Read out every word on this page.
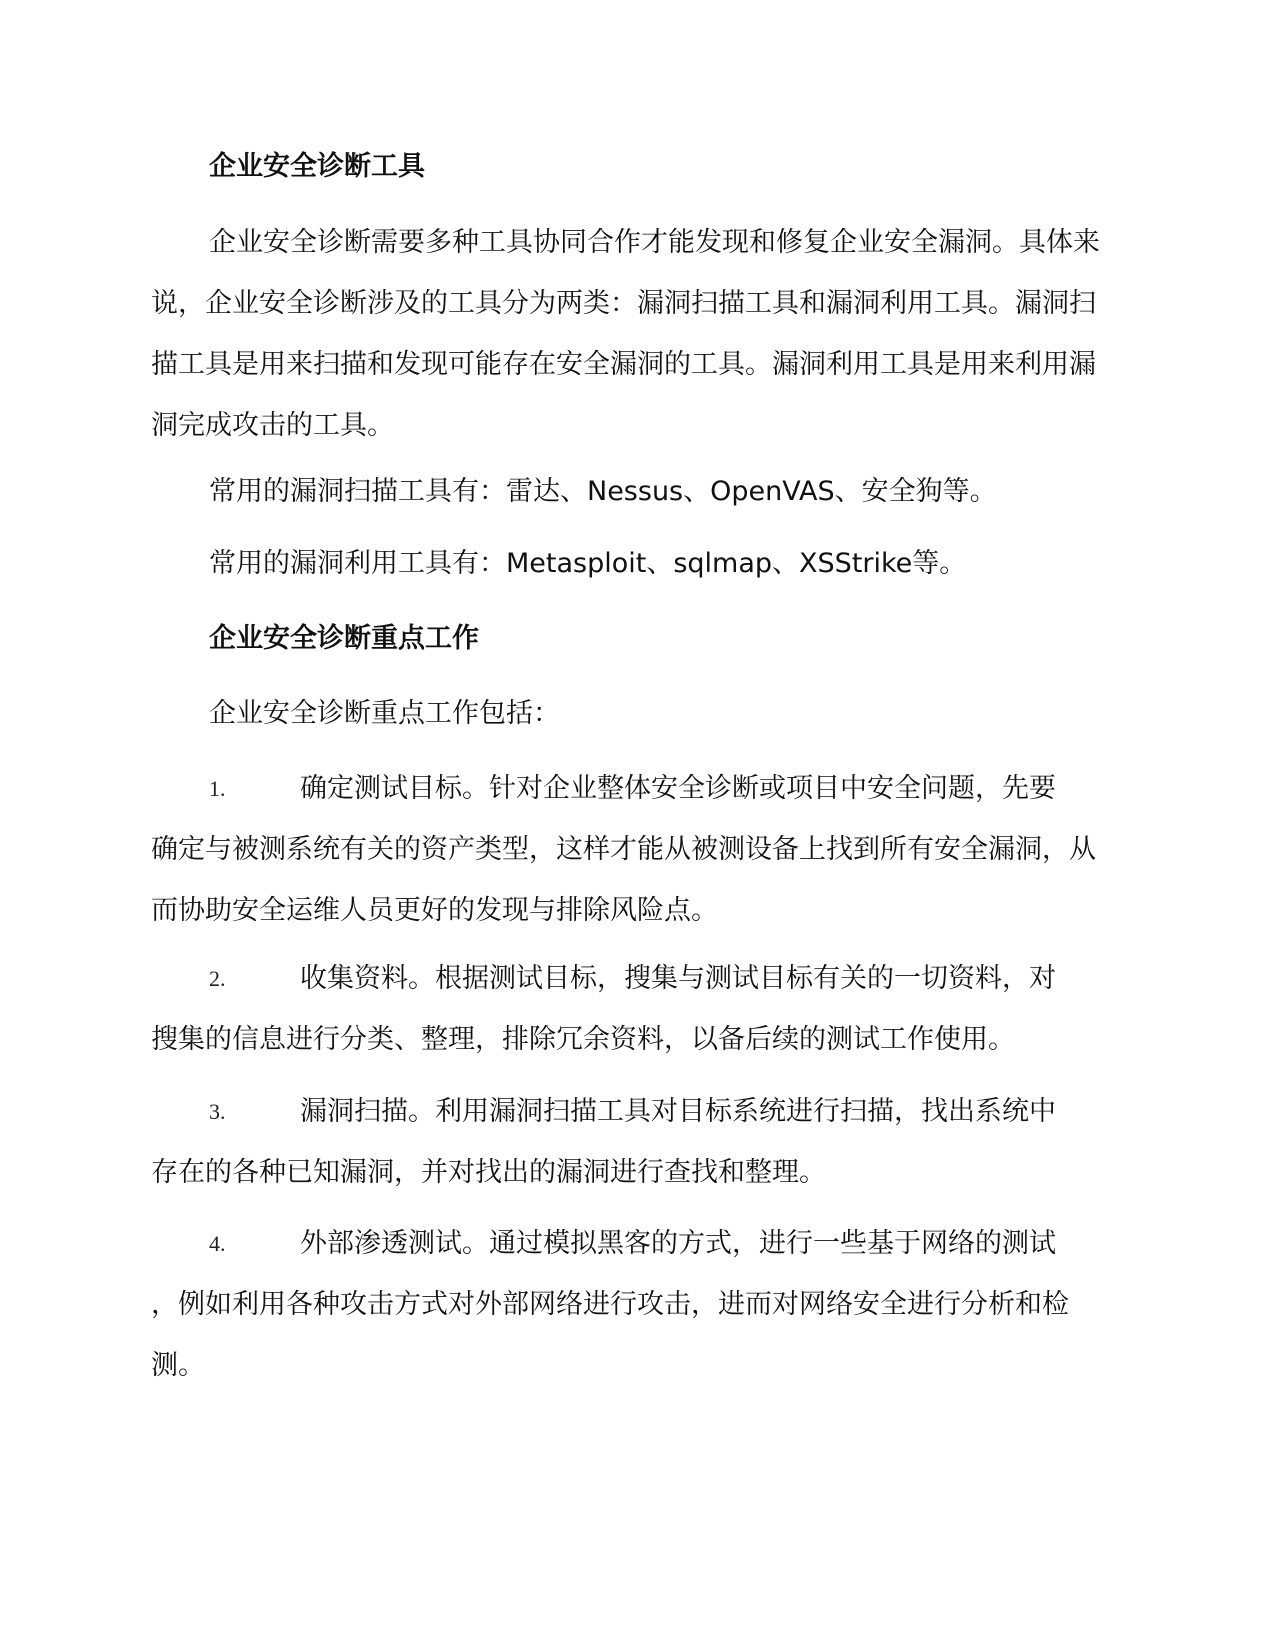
企业安全诊断工具
企业安全诊断需要多种工具协同合作才能发现和修复企业安全漏洞。具体来说，企业安全诊断涉及的工具分为两类：漏洞扫描工具和漏洞利用工具。漏洞扫描工具是用来扫描和发现可能存在安全漏洞的工具。漏洞利用工具是用来利用漏洞完成攻击的工具。
常用的漏洞扫描工具有：雷达、Nessus、OpenVAS、安全狗等。
常用的漏洞利用工具有：Metasploit、sqlmap、XSStrike等。
企业安全诊断重点工作
企业安全诊断重点工作包括：
1.	确定测试目标。针对企业整体安全诊断或项目中安全问题，先要
确定与被测系统有关的资产类型，这样才能从被测设备上找到所有安全漏洞，从而协助安全运维人员更好的发现与排除风险点。
2.	收集资料。根据测试目标，搜集与测试目标有关的一切资料，对
搜集的信息进行分类、整理，排除冗余资料，以备后续的测试工作使用。
3.	漏洞扫描。利用漏洞扫描工具对目标系统进行扫描，找出系统中
存在的各种已知漏洞，并对找出的漏洞进行查找和整理。
4.	外部渗透测试。通过模拟黑客的方式，进行一些基于网络的测试
，例如利用各种攻击方式对外部网络进行攻击，进而对网络安全进行分析和检测。
